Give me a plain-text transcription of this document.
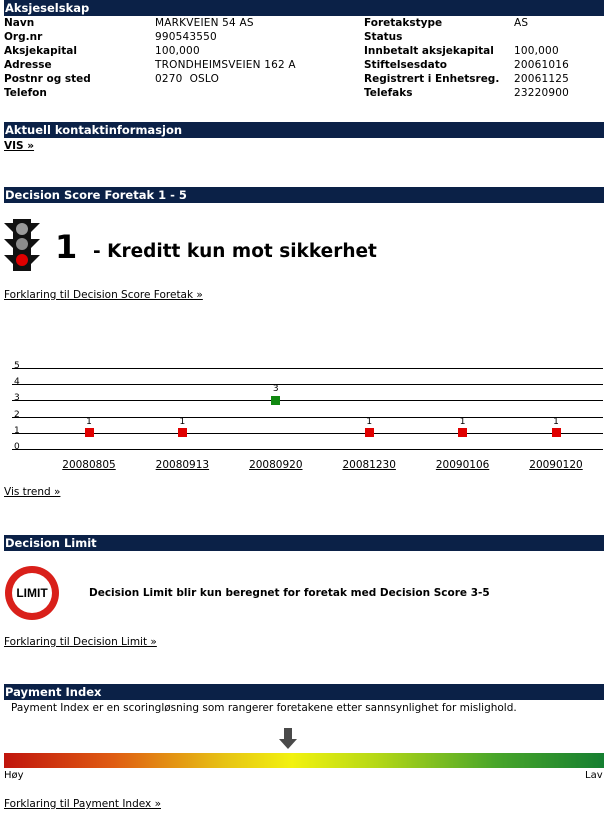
Aksjeselskap
Navn	MARKVEIEN 54 AS
Org.nr	990543550
Aksjekapital	100,000
Adresse	TRONDHEIMSVEIEN 162 A
Postnr og sted	0270  OSLO
Telefon
Foretakstype	AS
Status
Innbetalt aksjekapital 100,000
Stiftelsesdato	20061016
Registrert i Enhetsreg. 20061125
Telefaks	23220900
Aktuell kontaktinformasjon
VIS »
Decision Score Foretak 1 - 5
1 - Kreditt kun mot sikkerhet
Forklaring til Decision Score Foretak »
0
1
2
3
4
5
1
20080805
1
20080913
3
20080920
1
20081230
1
20090106
1
20090120
Vis trend »
Decision Limit
LIMIT	Decision Limit blir kun beregnet for foretak med Decision Score 3-5
Forklaring til Decision Limit »
Payment Index
Payment Index er en scoringløsning som rangerer foretakene etter sannsynlighet for mislighold.
Høy	Lav
Forklaring til Payment Index »
